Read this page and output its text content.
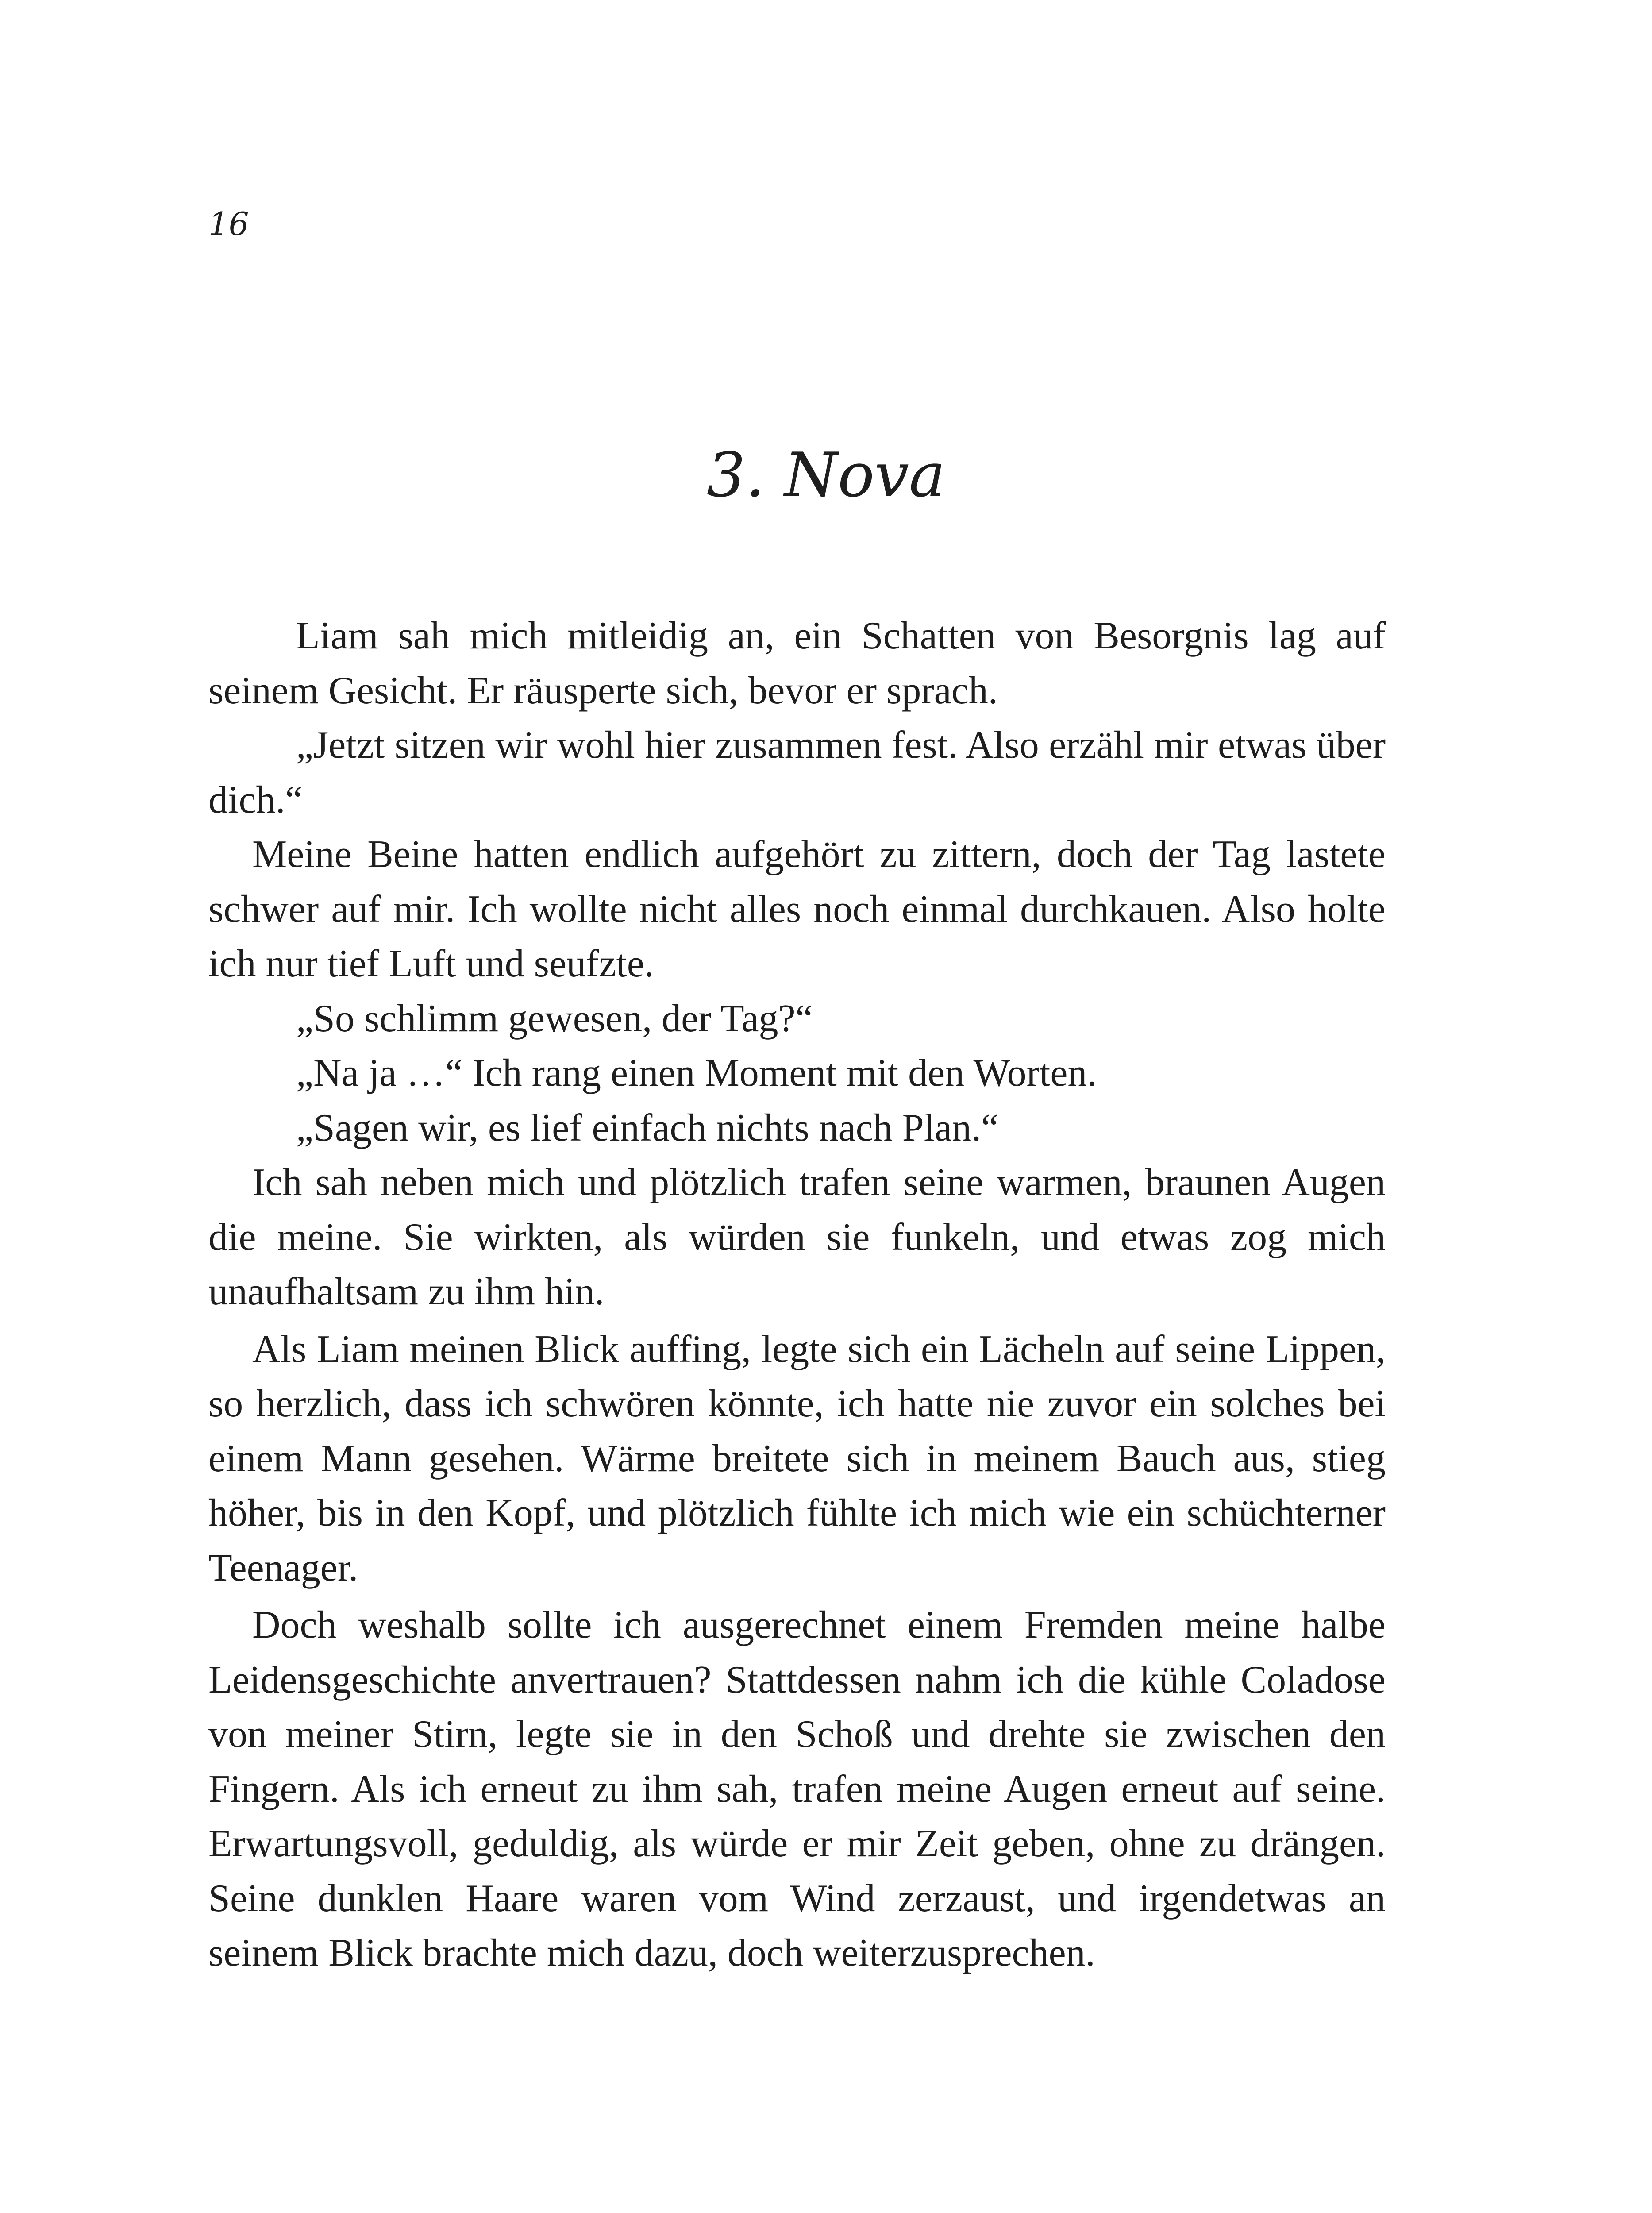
16
3. Nova

Liam sah mich mitleidig an, ein Schatten von Besorgnis lag auf seinem Gesicht. Er räusperte sich, bevor er sprach.

„Jetzt sitzen wir wohl hier zusammen fest. Also erzähl mir etwas über dich.“

Meine Beine hatten endlich aufgehört zu zittern, doch der Tag lastete schwer auf mir. Ich wollte nicht alles noch einmal durchkauen. Also holte ich nur tief Luft und seufzte.

„So schlimm gewesen, der Tag?“

„Na ja …“ Ich rang einen Moment mit den Worten.

„Sagen wir, es lief einfach nichts nach Plan.“

Ich sah neben mich und plötzlich trafen seine warmen, braunen Augen die meine. Sie wirkten, als würden sie funkeln, und etwas zog mich unaufhaltsam zu ihm hin.

Als Liam meinen Blick auffing, legte sich ein Lächeln auf seine Lippen, so herzlich, dass ich schwören könnte, ich hatte nie zuvor ein solches bei einem Mann gesehen. Wärme breitete sich in meinem Bauch aus, stieg höher, bis in den Kopf, und plötzlich fühlte ich mich wie ein schüchterner Teenager.

Doch weshalb sollte ich ausgerechnet einem Fremden meine halbe Leidensgeschichte anvertrauen? Stattdessen nahm ich die kühle Coladose von meiner Stirn, legte sie in den Schoß und drehte sie zwischen den Fingern. Als ich erneut zu ihm sah, trafen meine Augen erneut auf seine. Erwartungsvoll, geduldig, als würde er mir Zeit geben, ohne zu drängen. Seine dunklen Haare waren vom Wind zerzaust, und irgendetwas an seinem Blick brachte mich dazu, doch weiterzusprechen.
